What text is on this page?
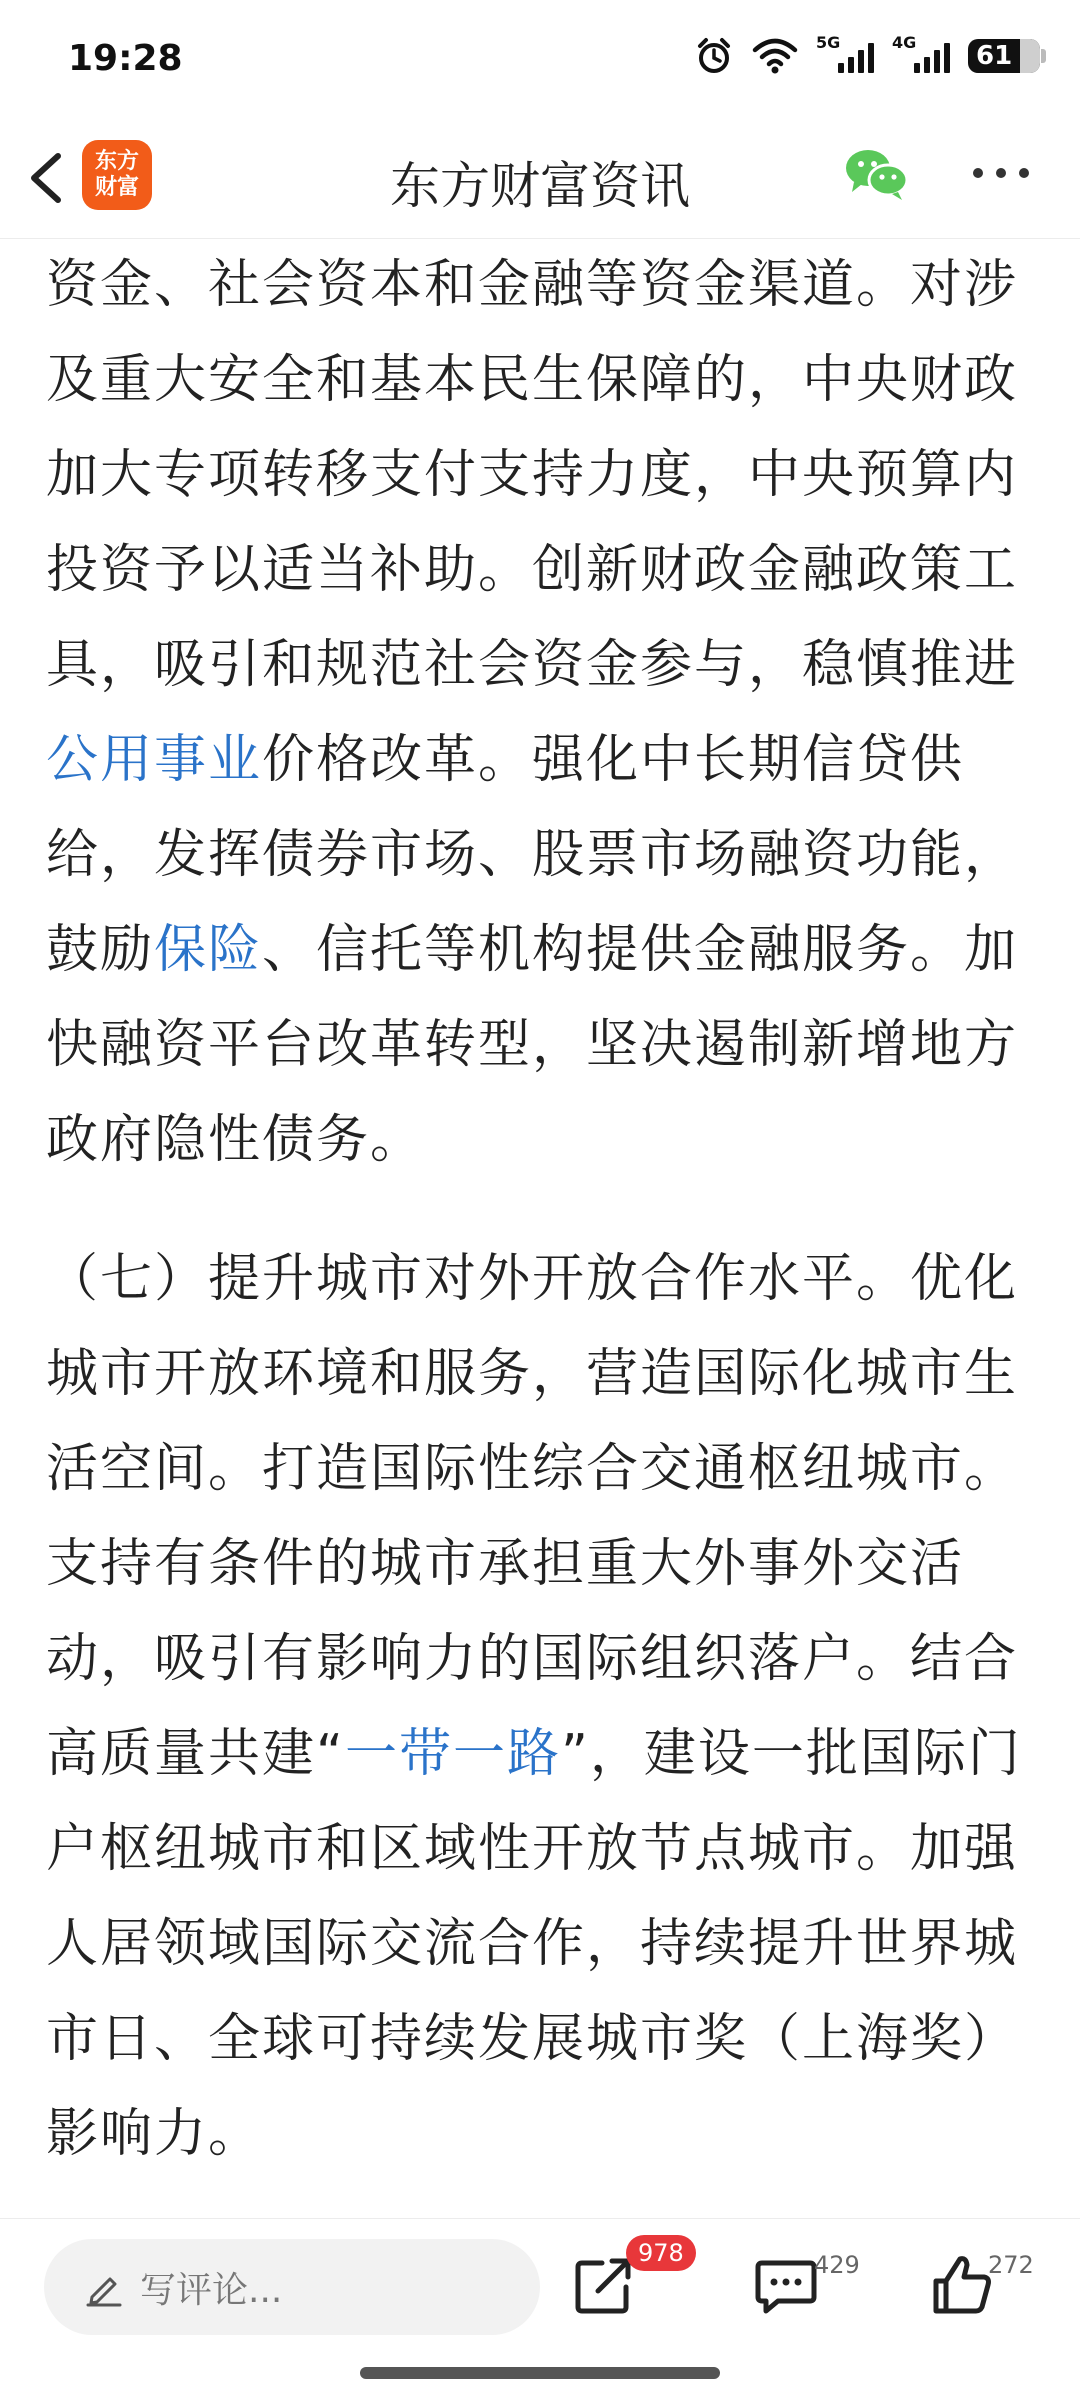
19:28	5G	4G 61
东方
财富	东方财富资讯

资金、社会资本和金融等资金渠道。对涉
及重大安全和基本民生保障的，中央财政
加大专项转移支付支持力度，中央预算内
投资予以适当补助。创新财政金融政策工
具，吸引和规范社会资金参与，稳慎推进
公用事业价格改革。强化中长期信贷供
给，发挥债券市场、股票市场融资功能，
鼓励保险、信托等机构提供金融服务。加
快融资平台改革转型，坚决遏制新增地方
政府隐性债务。

（七）提升城市对外开放合作水平。优化
城市开放环境和服务，营造国际化城市生
活空间。打造国际性综合交通枢纽城市。
支持有条件的城市承担重大外事外交活
动，吸引有影响力的国际组织落户。结合
高质量共建“一带一路”，建设一批国际门
户枢纽城市和区域性开放节点城市。加强
人居领域国际交流合作，持续提升世界城
市日、全球可持续发展城市奖（上海奖）
影响力。

写评论...
978	429	272
